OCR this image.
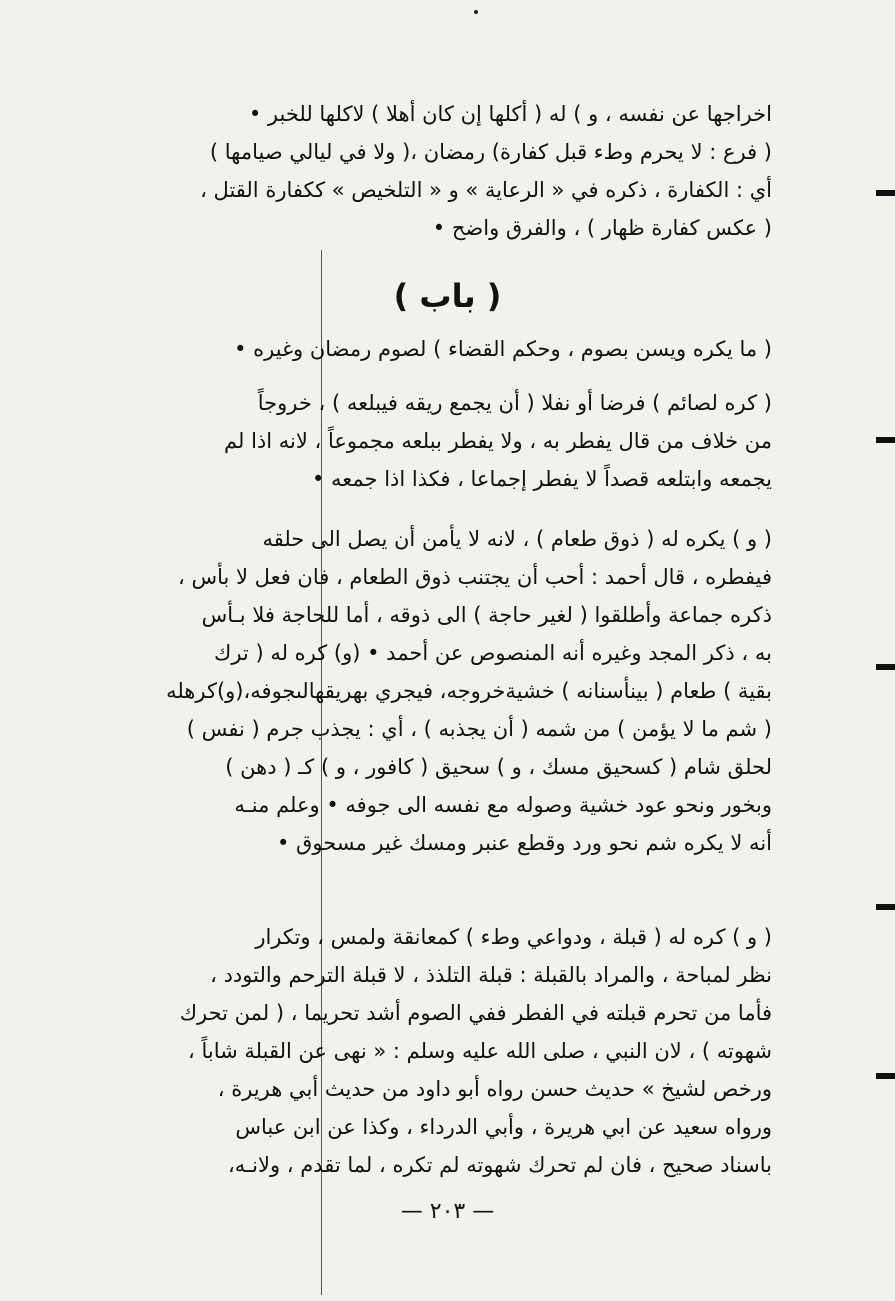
اخراجها عن نفسه ، و ) له ( أكلها إن كان أهلا ) لاكلها للخبر •
( فرع : لا يحرم وطء قبل كفارة) رمضان ،( ولا في ليالي صيامها )
أي : الكفارة ، ذكره في « الرعاية » و « التلخيص » ككفارة القتل ،
( عكس كفارة ظهار ) ، والفرق واضح •
( باب )
( ما يكره ويسن بصوم ، وحكم القضاء ) لصوم رمضان وغيره •
( كره لصائم ) فرضا أو نفلا ( أن يجمع ريقه فيبلعه ) ، خروجاً
من خلاف من قال يفطر به ، ولا يفطر ببلعه مجموعاً ، لانه اذا لم
يجمعه وابتلعه قصداً لا يفطر إجماعا ، فكذا اذا جمعه •
( و ) يكره له ( ذوق طعام ) ، لانه لا يأمن أن يصل الى حلقه
فيفطره ، قال أحمد : أحب أن يجتنب ذوق الطعام ، فان فعل لا بأس ،
ذكره جماعة وأطلقوا ( لغير حاجة ) الى ذوقه ، أما للحاجة فلا بـأس
به ، ذكر المجد وغيره أنه المنصوص عن أحمد • (و) كره له ( ترك
بقية ) طعام ( بينأسنانه ) خشيةخروجه، فيجري بهريقهالىجوفه،(و)كرهله
( شم ما لا يؤمن ) من شمه ( أن يجذبه ) ، أي : يجذب جرم ( نفس )
لحلق شام ( كسحيق مسك ، و ) سحيق ( كافور ، و ) كـ ( دهن )
وبخور ونحو عود خشية وصوله مع نفسه الى جوفه • وعلم منـه
أنه لا يكره شم نحو ورد وقطع عنبر ومسك غير مسحوق •
( و ) كره له ( قبلة ، ودواعي وطء ) كمعانقة ولمس ، وتكرار
نظر لمباحة ، والمراد بالقبلة : قبلة التلذذ ، لا قبلة الترحم والتودد ،
فأما من تحرم قبلته في الفطر ففي الصوم أشد تحريما ، ( لمن تحرك
شهوته ) ، لان النبي ، صلى الله عليه وسلم : « نهى عن القبلة شاباً ،
ورخص لشيخ » حديث حسن رواه أبو داود من حديث أبي هريرة ،
ورواه سعيد عن ابي هريرة ، وأبي الدرداء ، وكذا عن ابن عباس
باسناد صحيح ، فان لم تحرك شهوته لم تكره ، لما تقدم ، ولانـه،
— ٢٠٣ —
